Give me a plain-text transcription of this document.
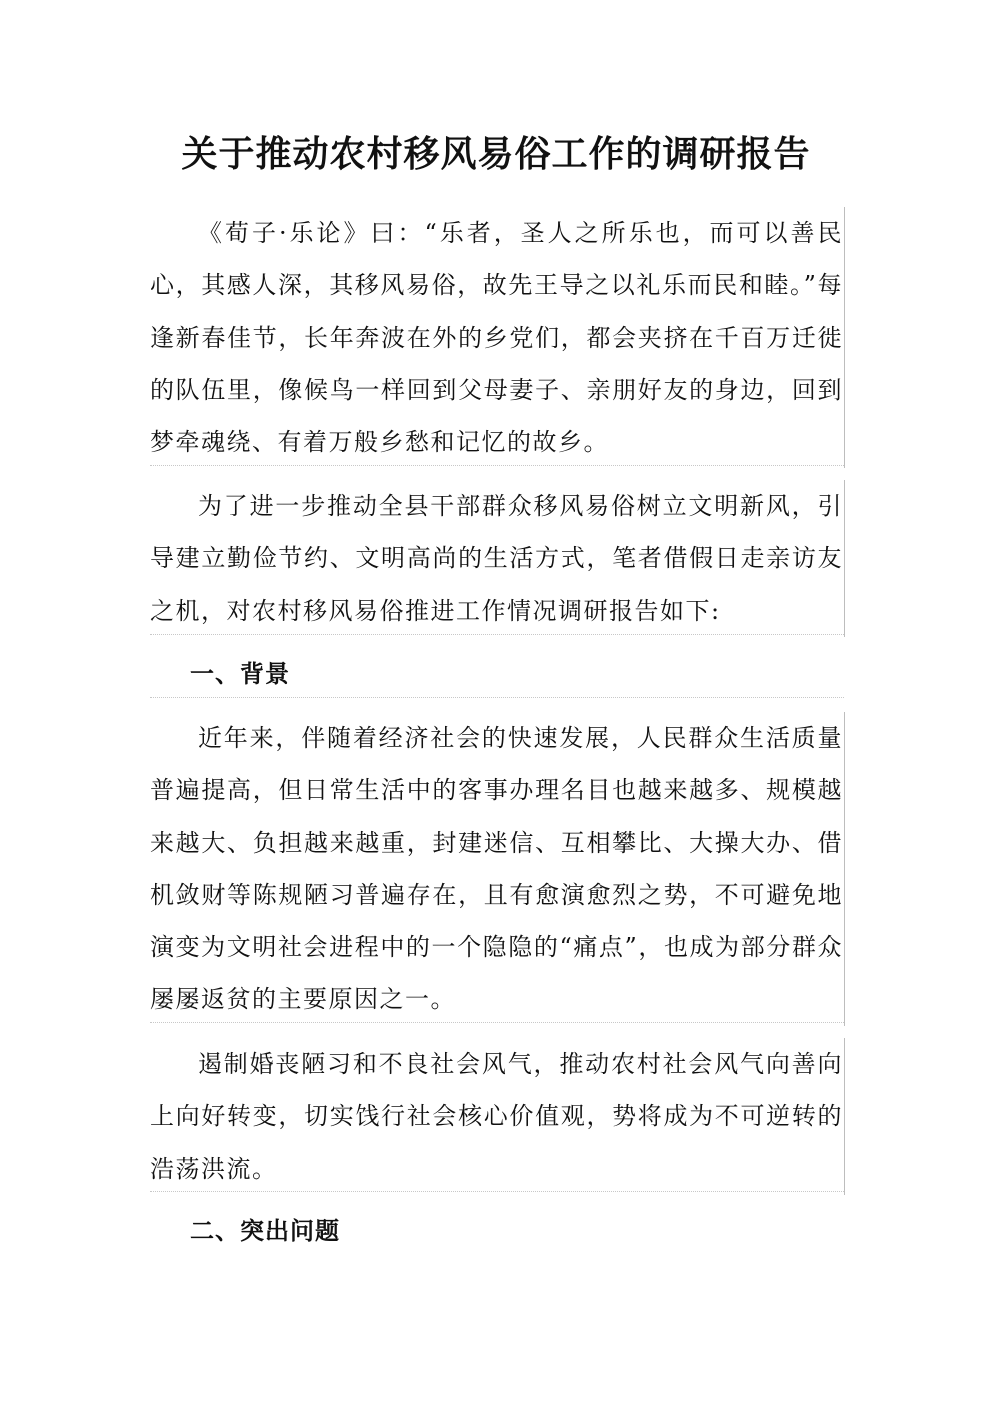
关于推动农村移风易俗工作的调研报告
《荀子·乐论》曰：“乐者，圣人之所乐也，而可以善民心，其感人深，其移风易俗，故先王导之以礼乐而民和睦。”每逢新春佳节，长年奔波在外的乡党们，都会夹挤在千百万迁徙的队伍里，像候鸟一样回到父母妻子、亲朋好友的身边，回到梦牵魂绕、有着万般乡愁和记忆的故乡。
为了进一步推动全县干部群众移风易俗树立文明新风，引导建立勤俭节约、文明高尚的生活方式，笔者借假日走亲访友之机，对农村移风易俗推进工作情况调研报告如下:
一、背景
近年来，伴随着经济社会的快速发展，人民群众生活质量普遍提高，但日常生活中的客事办理名目也越来越多、规模越来越大、负担越来越重，封建迷信、互相攀比、大操大办、借机敛财等陈规陋习普遍存在，且有愈演愈烈之势，不可避免地演变为文明社会进程中的一个隐隐的“痛点”，也成为部分群众屡屡返贫的主要原因之一。
遏制婚丧陋习和不良社会风气，推动农村社会风气向善向上向好转变，切实饯行社会核心价值观，势将成为不可逆转的浩荡洪流。
二、突出问题
